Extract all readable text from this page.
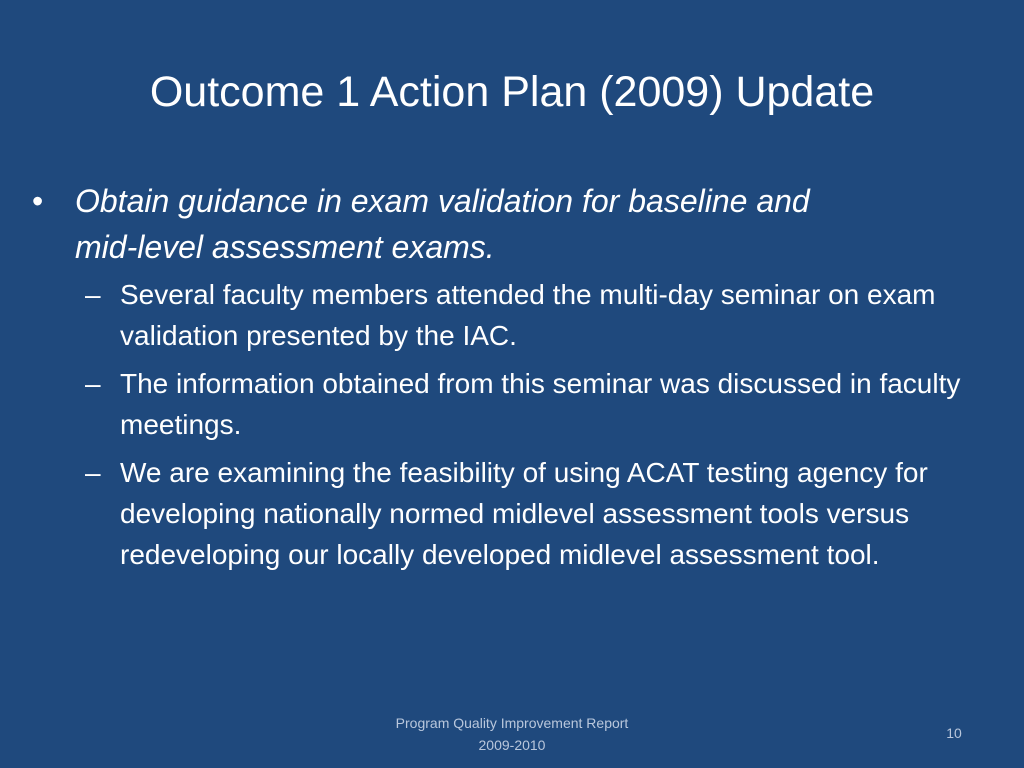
Outcome 1 Action Plan (2009) Update
• Obtain guidance in exam validation for baseline and
mid-level assessment exams.
– Several faculty members attended the multi-day seminar on exam validation presented by the IAC.
– The information obtained from this seminar was discussed in faculty meetings.
– We are examining the feasibility of using ACAT testing agency for developing nationally normed midlevel assessment tools versus redeveloping our locally developed midlevel assessment tool.
Program Quality Improvement Report
2009-2010
10
